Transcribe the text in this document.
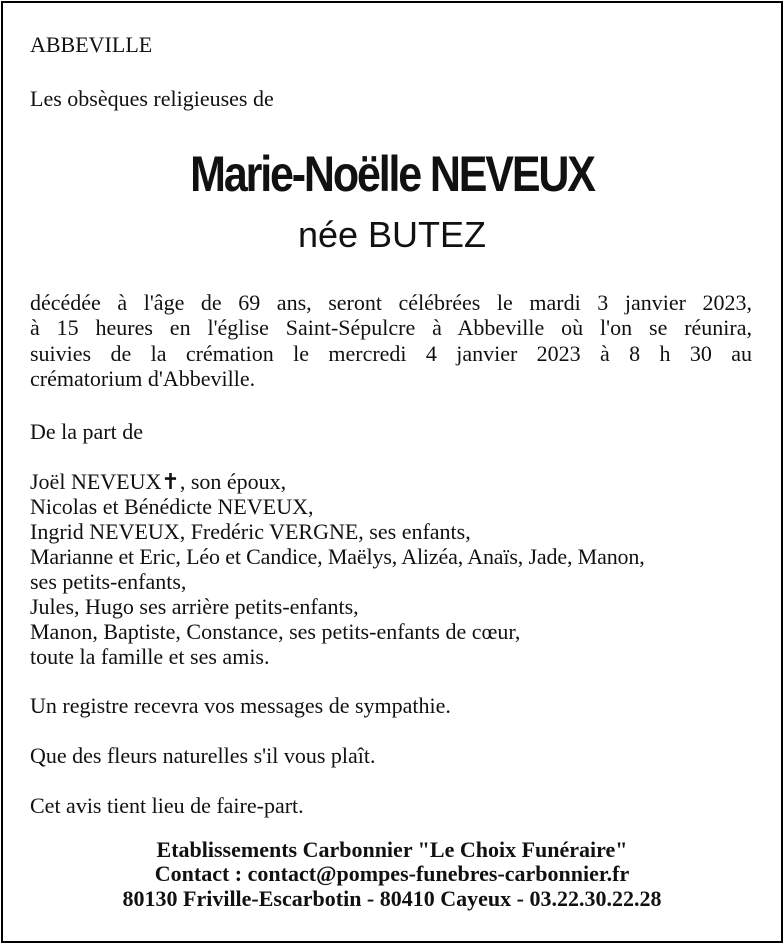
ABBEVILLE
Les obsèques religieuses de
Marie-Noëlle NEVEUX
née BUTEZ
décédée à l'âge de 69 ans, seront célébrées le mardi 3 janvier 2023,
à 15 heures en l'église Saint-Sépulcre à Abbeville où l'on se réunira,
suivies de la crémation le mercredi 4 janvier 2023 à 8 h 30 au
crématorium d'Abbeville.
De la part de
Joël NEVEUX✝, son époux,
Nicolas et Bénédicte NEVEUX,
Ingrid NEVEUX, Fredéric VERGNE, ses enfants,
Marianne et Eric, Léo et Candice, Maëlys, Alizéa, Anaïs, Jade, Manon,
ses petits-enfants,
Jules, Hugo ses arrière petits-enfants,
Manon, Baptiste, Constance, ses petits-enfants de cœur,
toute la famille et ses amis.
Un registre recevra vos messages de sympathie.
Que des fleurs naturelles s'il vous plaît.
Cet avis tient lieu de faire-part.
Etablissements Carbonnier "Le Choix Funéraire"
Contact : contact@pompes-funebres-carbonnier.fr
80130 Friville-Escarbotin - 80410 Cayeux - 03.22.30.22.28
